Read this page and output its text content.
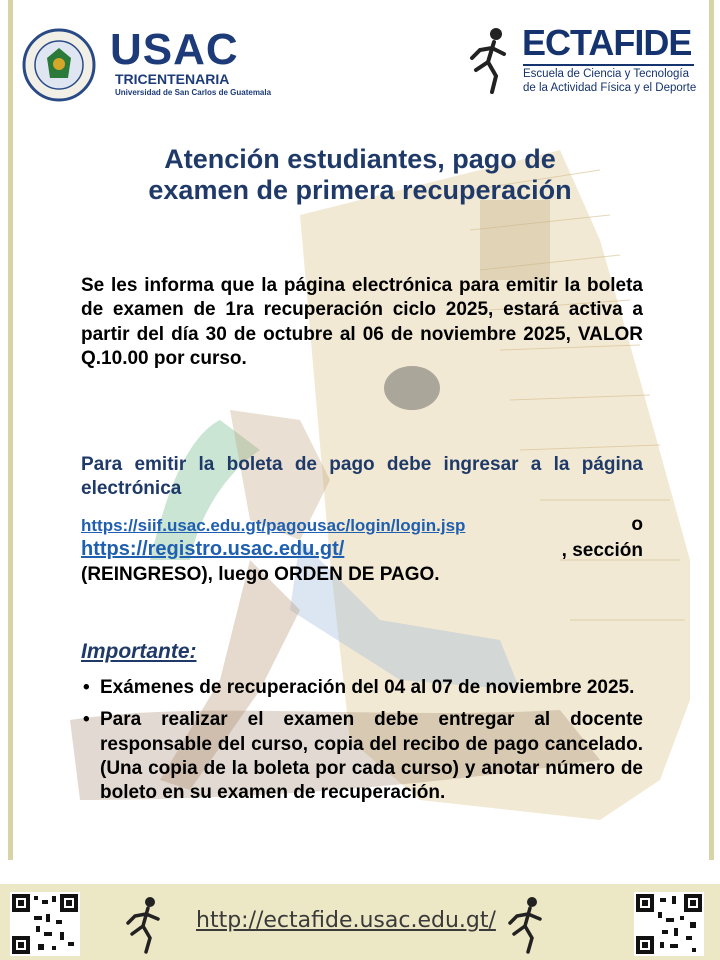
USAC
TRICENTENARIA
Universidad de San Carlos de Guatemala
ECTAFIDE
Escuela de Ciencia y Tecnología
de la Actividad Física y el Deporte
Atención estudiantes, pago de examen de primera recuperación
Se les informa que la página electrónica para emitir la boleta de examen de 1ra recuperación ciclo 2025, estará activa a partir del día 30 de octubre al 06 de noviembre 2025, VALOR Q.10.00 por curso.
Para emitir la boleta de pago debe ingresar a la página electrónica
https://siif.usac.edu.gt/pagousac/login/login.jsp	o
https://registro.usac.edu.gt/	, sección
(REINGRESO), luego ORDEN DE PAGO.
Importante:
• Exámenes de recuperación del 04 al 07 de noviembre 2025.
• Para realizar el examen debe entregar al docente responsable del curso, copia del recibo de pago cancelado. (Una copia de la boleta por cada curso) y anotar número de boleto en su examen de recuperación.
http://ectafide.usac.edu.gt/
